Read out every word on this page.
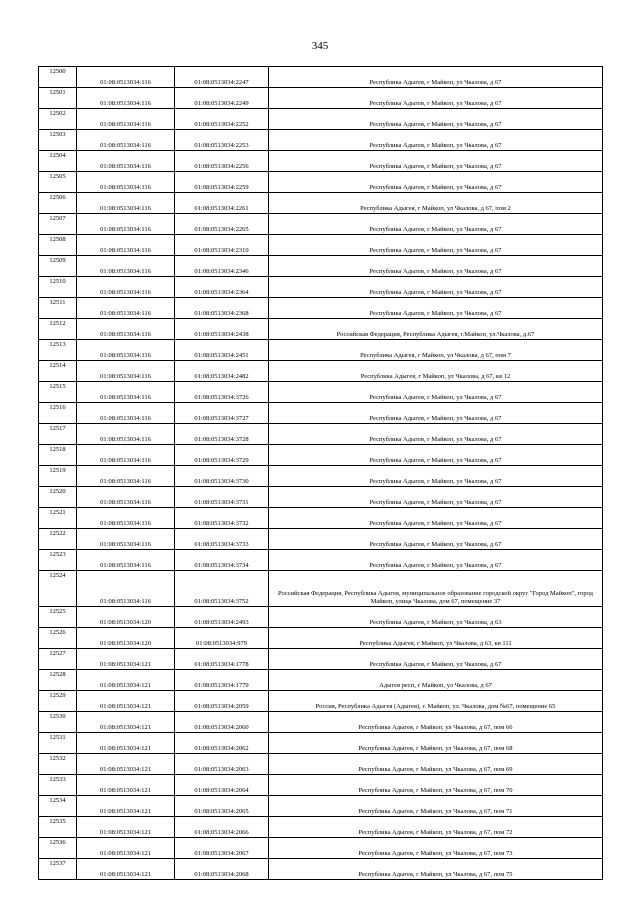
345
12500	01:08:0513034:116	01:08:0513034:2247	Республика Адыгея, г Майкоп, ул Чкалова, д 67
12501	01:08:0513034:116	01:08:0513034:2249	Республика Адыгея, г Майкоп, ул Чкалова, д 67
12502	01:08:0513034:116	01:08:0513034:2252	Республика Адыгея, г Майкоп, ул Чкалова, д 67
12503	01:08:0513034:116	01:08:0513034:2253	Республика Адыгея, г Майкоп, ул Чкалова, д 67
12504	01:08:0513034:116	01:08:0513034:2256	Республика Адыгея, г Майкоп, ул Чкалова, д 67
12505	01:08:0513034:116	01:08:0513034:2259	Республика Адыгея, г Майкоп, ул Чкалова, д 67
12506	01:08:0513034:116	01:08:0513034:2261	Республика Адыгея, г Майкоп, ул Чкалова, д 67, пом 2
12507	01:08:0513034:116	01:08:0513034:2265	Республика Адыгея, г Майкоп, ул Чкалова, д 67
12508	01:08:0513034:116	01:08:0513034:2310	Республика Адыгея, г Майкоп, ул Чкалова, д 67
12509	01:08:0513034:116	01:08:0513034:2346	Республика Адыгея, г Майкоп, ул Чкалова, д 67
12510	01:08:0513034:116	01:08:0513034:2364	Республика Адыгея, г Майкоп, ул Чкалова, д 67
12511	01:08:0513034:116	01:08:0513034:2368	Республика Адыгея, г Майкоп, ул Чкалова, д 67
12512	01:08:0513034:116	01:08:0513034:2438	Российская Федерация, Республика Адыгея, г.Майкоп, ул.Чкалова, д.67
12513	01:08:0513034:116	01:08:0513034:2451	Республика Адыгея, г Майкоп, ул Чкалова, д 67, пом 7
12514	01:08:0513034:116	01:08:0513034:2482	Республика Адыгея, г Майкоп, ул Чкалова, д 67, кв 12
12515	01:08:0513034:116	01:08:0513034:3726	Республика Адыгея, г Майкоп, ул Чкалова, д 67
12516	01:08:0513034:116	01:08:0513034:3727	Республика Адыгея, г Майкоп, ул Чкалова, д 67
12517	01:08:0513034:116	01:08:0513034:3728	Республика Адыгея, г Майкоп, ул Чкалова, д 67
12518	01:08:0513034:116	01:08:0513034:3729	Республика Адыгея, г Майкоп, ул Чкалова, д 67
12519	01:08:0513034:116	01:08:0513034:3730	Республика Адыгея, г Майкоп, ул Чкалова, д 67
12520	01:08:0513034:116	01:08:0513034:3731	Республика Адыгея, г Майкоп, ул Чкалова, д 67
12521	01:08:0513034:116	01:08:0513034:3732	Республика Адыгея, г Майкоп, ул Чкалова, д 67
12522	01:08:0513034:116	01:08:0513034:3733	Республика Адыгея, г Майкоп, ул Чкалова, д 67
12523	01:08:0513034:116	01:08:0513034:3734	Республика Адыгея, г Майкоп, ул Чкалова, д 67
12524	01:08:0513034:116	01:08:0513034:3752	Российская Федерация, Республика Адыгея, муниципальное образование городской округ "Город Майкоп", город Майкоп, улица Чкалова, дом 67, помещение 37
12525	01:08:0513034:120	01:08:0513034:2493	Республика Адыгея, г Майкоп, ул Чкалова, д 63
12526	01:08:0513034:120	01:08:0513034:979	Республика Адыгея, г Майкоп, ул Чкалова, д 63, кв 111
12527	01:08:0513034:121	01:08:0513034:1778	Республика Адыгея, г Майкоп, ул Чкалова, д 67
12528	01:08:0513034:121	01:08:0513034:1779	Адыгея респ, г Майкоп, ул Чкалова, д 67
12529	01:08:0513034:121	01:08:0513034:2059	Россия, Республика Адыгея (Адыгея), г. Майкоп, ул. Чкалова, дом №67, помещение 65
12530	01:08:0513034:121	01:08:0513034:2060	Республика Адыгея, г Майкоп, ул Чкалова, д 67, пом 66
12531	01:08:0513034:121	01:08:0513034:2062	Республика Адыгея, г Майкоп, ул Чкалова, д 67, пом 68
12532	01:08:0513034:121	01:08:0513034:2063	Республика Адыгея, г Майкоп, ул Чкалова, д 67, пом 69
12533	01:08:0513034:121	01:08:0513034:2064	Республика Адыгея, г Майкоп, ул Чкалова, д 67, пом 70
12534	01:08:0513034:121	01:08:0513034:2065	Республика Адыгея, г Майкоп, ул Чкалова, д 67, пом 71
12535	01:08:0513034:121	01:08:0513034:2066	Республика Адыгея, г Майкоп, ул Чкалова, д 67, пом 72
12536	01:08:0513034:121	01:08:0513034:2067	Республика Адыгея, г Майкоп, ул Чкалова, д 67, пом 73
12537	01:08:0513034:121	01:08:0513034:2068	Республика Адыгея, г Майкоп, ул Чкалова, д 67, пом 75
